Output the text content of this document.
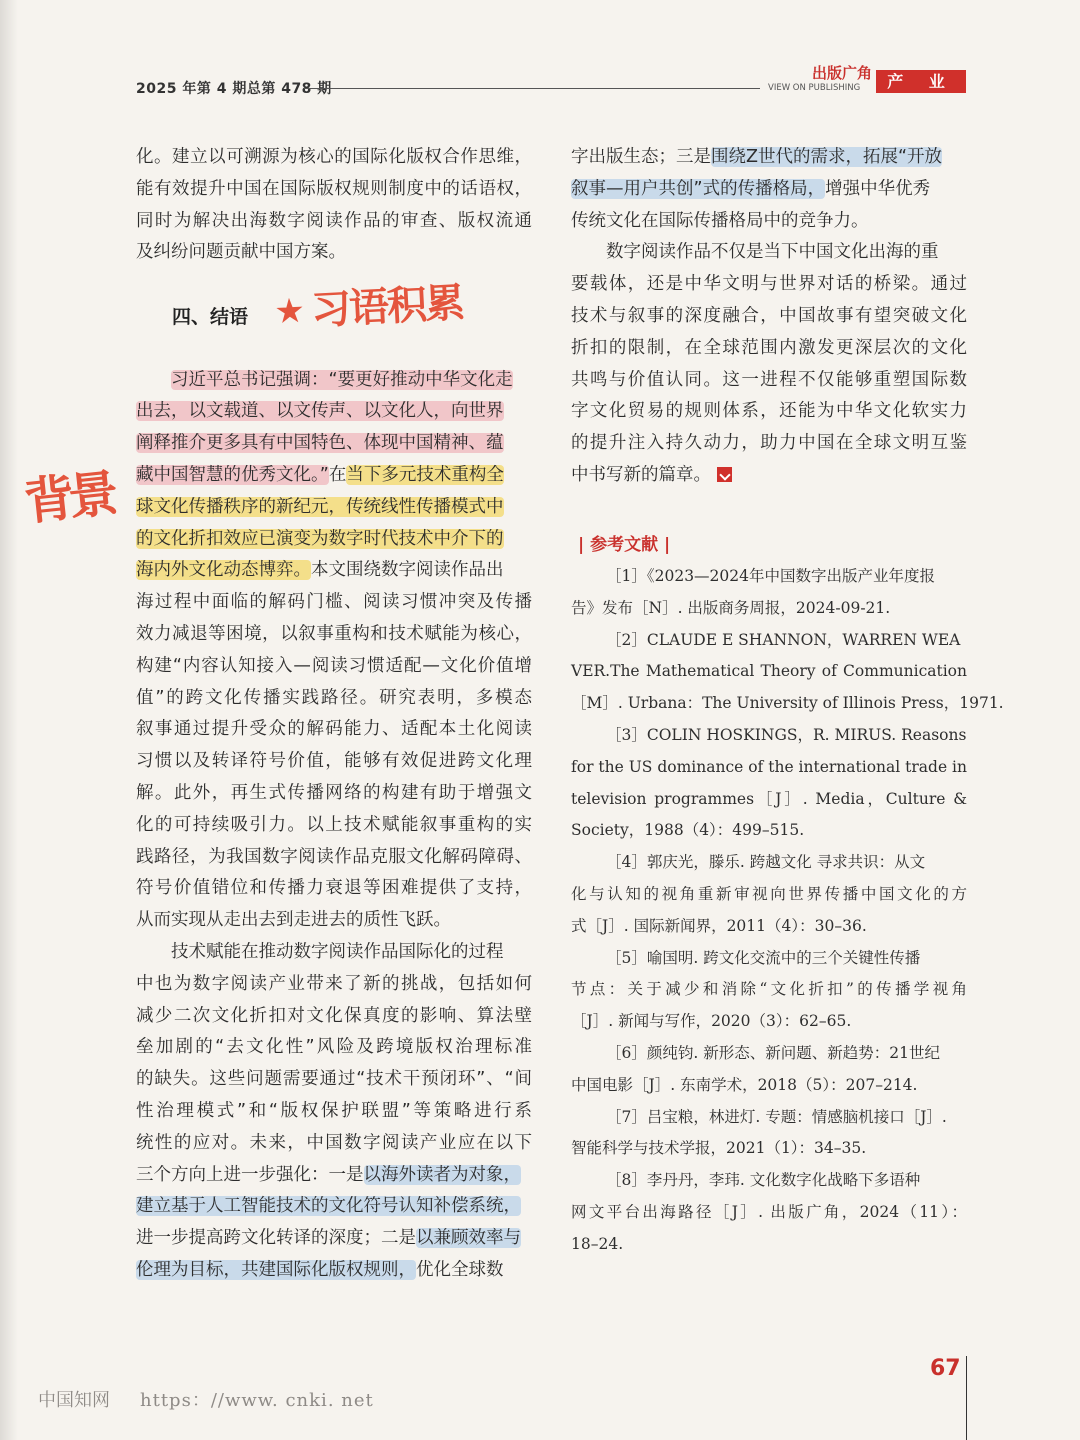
2025 年第 4 期总第 478 期
出版广角
VIEW ON PUBLISHING	产 业
化。建立以可溯源为核心的国际化版权合作思维，
能有效提升中国在国际版权规则制度中的话语权，
同时为解决出海数字阅读作品的审查、版权流通
及纠纷问题贡献中国方案。
习近平总书记强调：“要更好推动中华文化走
出去，以文载道、以文传声、以文化人，向世界
阐释推介更多具有中国特色、体现中国精神、蕴
藏中国智慧的优秀文化。”在当下多元技术重构全
球文化传播秩序的新纪元，传统线性传播模式中
的文化折扣效应已演变为数字时代技术中介下的
海内外文化动态博弈。本文围绕数字阅读作品出
海过程中面临的解码门槛、阅读习惯冲突及传播
效力减退等困境，以叙事重构和技术赋能为核心，
构建“内容认知接入—阅读习惯适配—文化价值增
值”的跨文化传播实践路径。研究表明，多模态
叙事通过提升受众的解码能力、适配本土化阅读
习惯以及转译符号价值，能够有效促进跨文化理
解。此外，再生式传播网络的构建有助于增强文
化的可持续吸引力。以上技术赋能叙事重构的实
践路径，为我国数字阅读作品克服文化解码障碍、
符号价值错位和传播力衰退等困难提供了支持，
从而实现从走出去到走进去的质性飞跃。
技术赋能在推动数字阅读作品国际化的过程
中也为数字阅读产业带来了新的挑战，包括如何
减少二次文化折扣对文化保真度的影响、算法壁
垒加剧的“去文化性”风险及跨境版权治理标准
的缺失。这些问题需要通过“技术干预闭环”、“间
性治理模式”和“版权保护联盟”等策略进行系
统性的应对。未来，中国数字阅读产业应在以下
三个方向上进一步强化：一是以海外读者为对象，
建立基于人工智能技术的文化符号认知补偿系统，
进一步提高跨文化转译的深度；二是以兼顾效率与
伦理为目标，共建国际化版权规则，优化全球数
四、结语 ★ 习语积累
背景
字出版生态；三是围绕Z世代的需求，拓展“开放
叙事—用户共创”式的传播格局，增强中华优秀
传统文化在国际传播格局中的竞争力。
数字阅读作品不仅是当下中国文化出海的重
要载体，还是中华文明与世界对话的桥梁。通过
技术与叙事的深度融合，中国故事有望突破文化
折扣的限制，在全球范围内激发更深层次的文化
共鸣与价值认同。这一进程不仅能够重塑国际数
字文化贸易的规则体系，还能为中华文化软实力
的提升注入持久动力，助力中国在全球文明互鉴
中书写新的篇章。
| 参考文献 |
［1］《2023—2024年中国数字出版产业年度报
告》发布［N］. 出版商务周报，2024-09-21.
［2］CLAUDE E SHANNON，WARREN WEA
VER.The Mathematical Theory of Communication
［M］. Urbana：The University of Illinois Press，1971.
［3］COLIN HOSKINGS，R. MIRUS. Reasons
for the US dominance of the international trade in
television programmes［J］. Media，Culture &
Society，1988（4）：499–515.
［4］郭庆光，滕乐. 跨越文化 寻求共识：从文
化与认知的视角重新审视向世界传播中国文化的方
式［J］. 国际新闻界，2011（4）：30–36.
［5］喻国明. 跨文化交流中的三个关键性传播
节点：关于减少和消除“文化折扣”的传播学视角
［J］. 新闻与写作，2020（3）：62–65.
［6］颜纯钧. 新形态、新问题、新趋势：21世纪
中国电影［J］. 东南学术，2018（5）：207–214.
［7］吕宝粮，林进灯. 专题：情感脑机接口［J］.
智能科学与技术学报，2021（1）：34–35.
［8］李丹丹，李玮. 文化数字化战略下多语种
网文平台出海路径［J］. 出版广角，2024（11）：
18–24.
67
中国知网 https：//www. cnki. net
